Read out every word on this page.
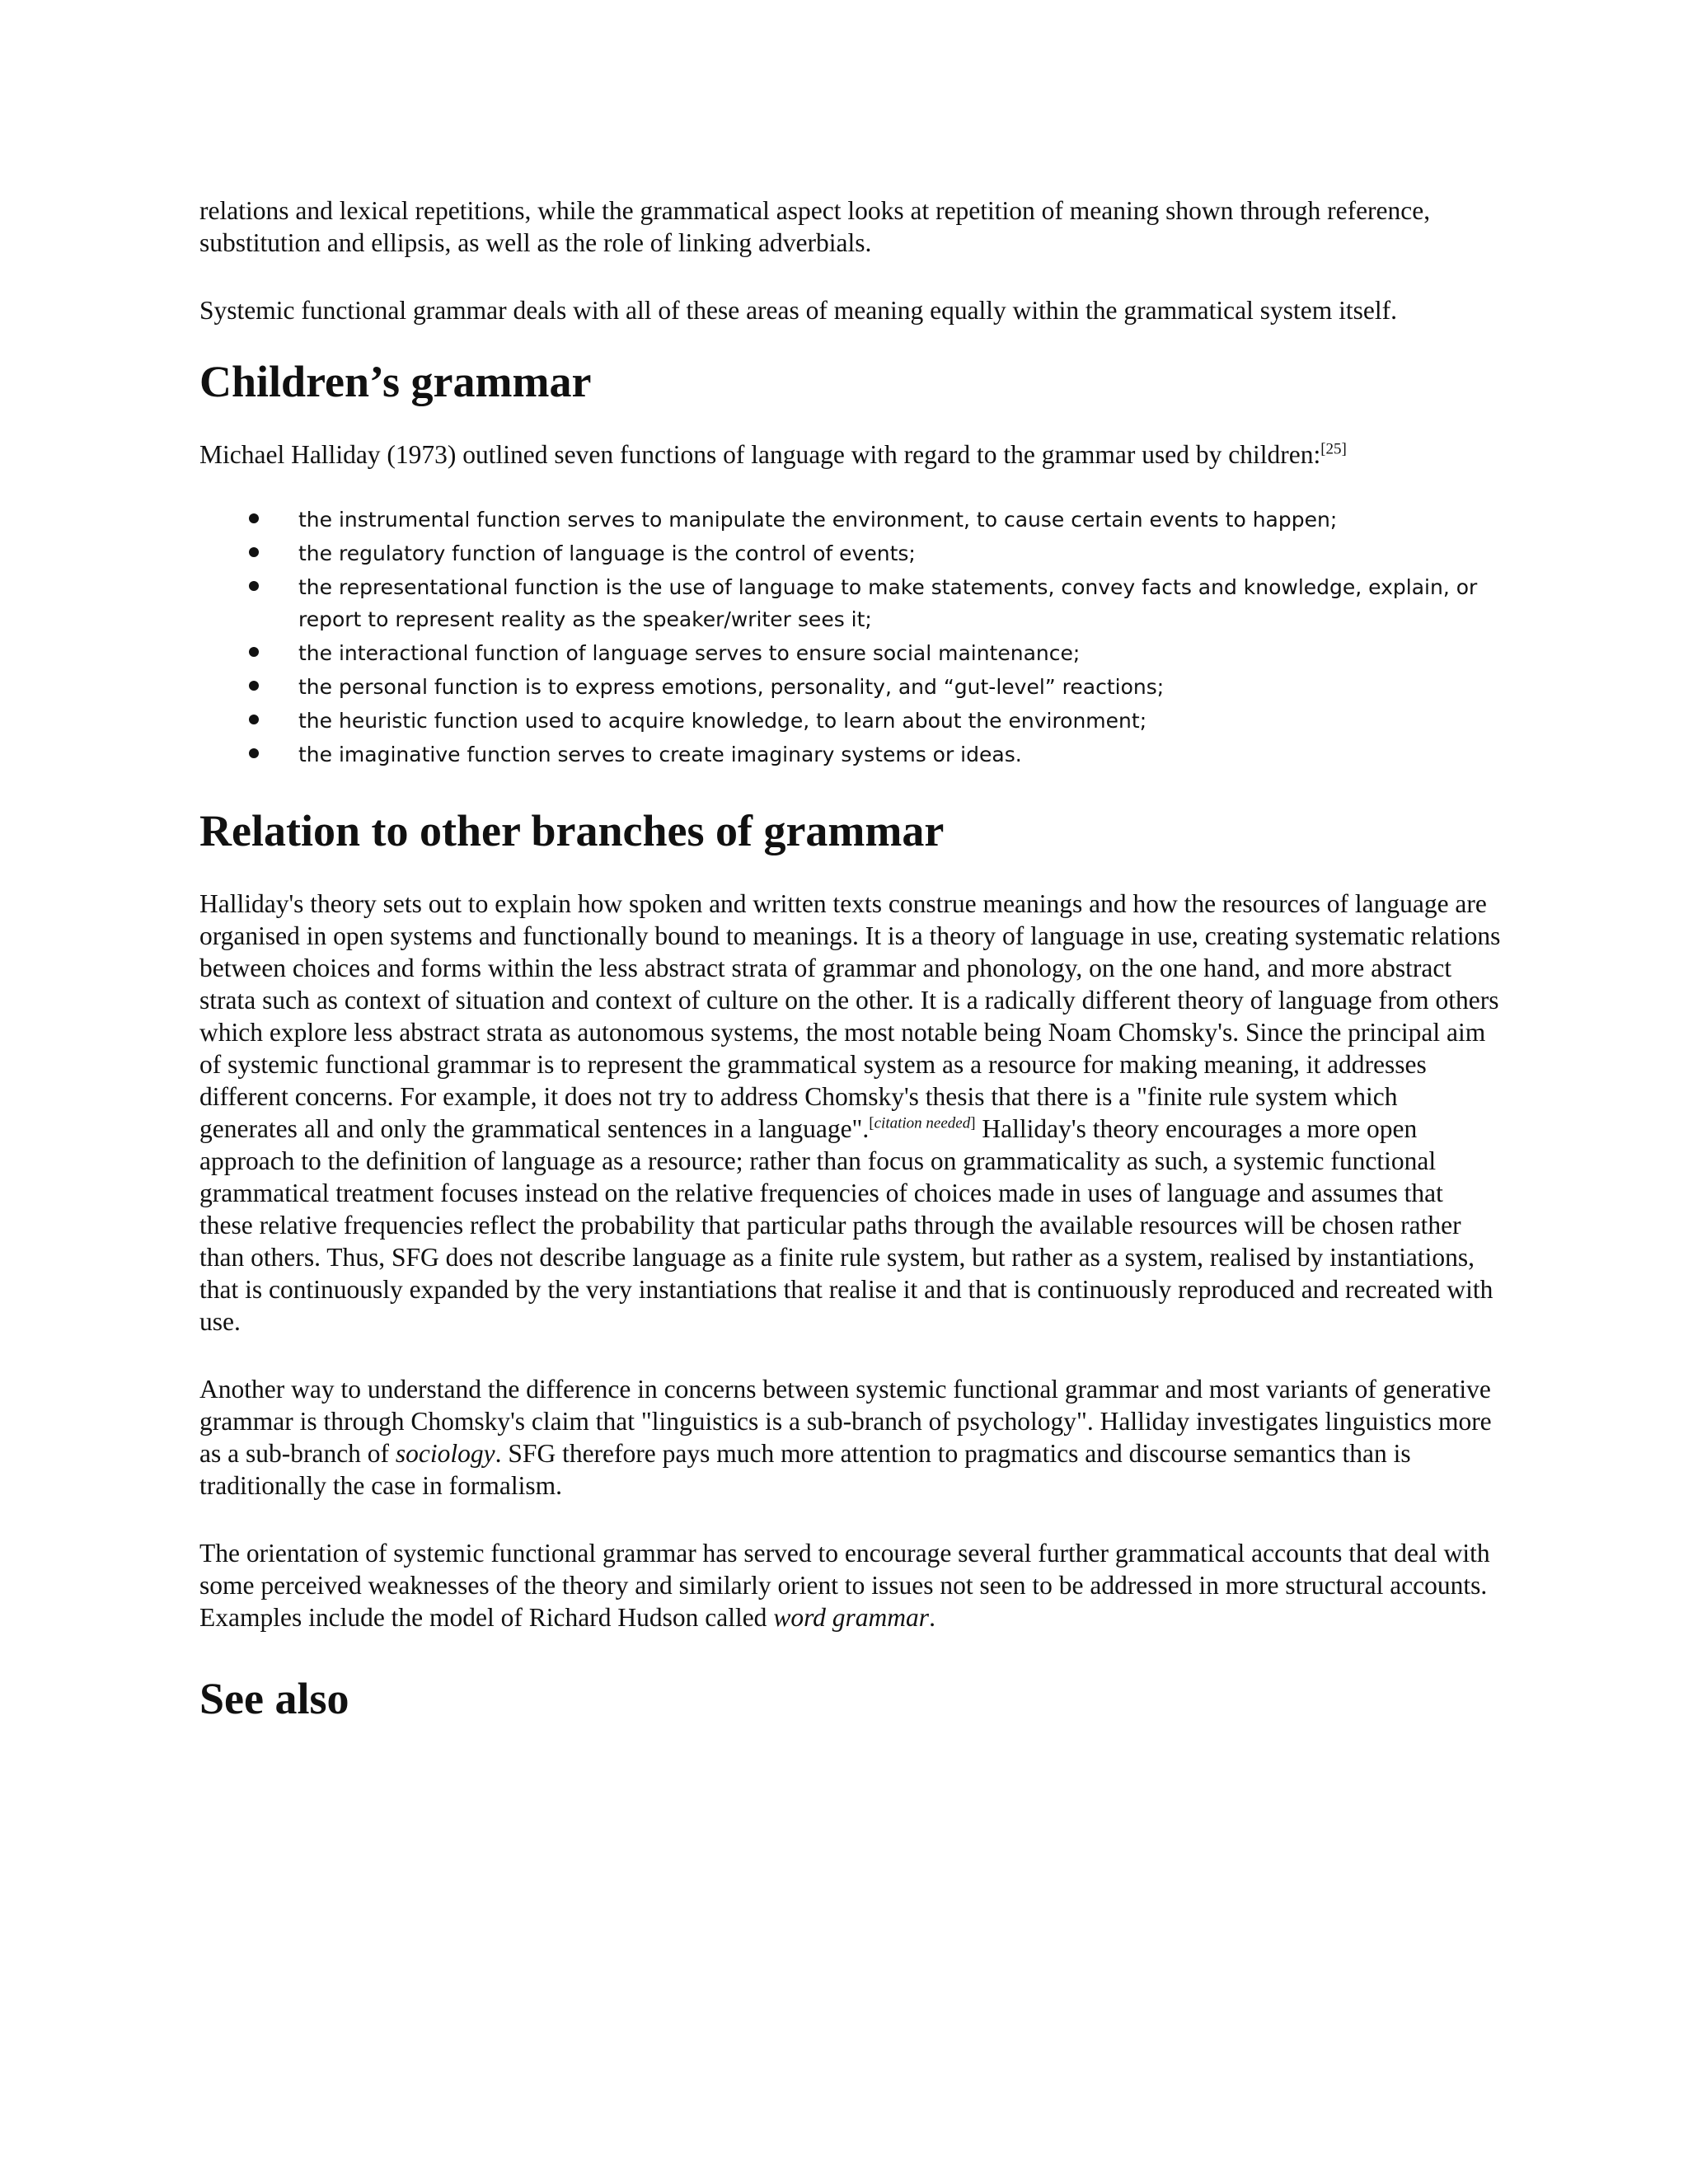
relations and lexical repetitions, while the grammatical aspect looks at repetition of meaning shown through reference, substitution and ellipsis, as well as the role of linking adverbials.

Systemic functional grammar deals with all of these areas of meaning equally within the grammatical system itself.

Children’s grammar

Michael Halliday (1973) outlined seven functions of language with regard to the grammar used by children:[25]

the instrumental function serves to manipulate the environment, to cause certain events to happen;
the regulatory function of language is the control of events;
the representational function is the use of language to make statements, convey facts and knowledge, explain, or report to represent reality as the speaker/writer sees it;
the interactional function of language serves to ensure social maintenance;
the personal function is to express emotions, personality, and “gut-level” reactions;
the heuristic function used to acquire knowledge, to learn about the environment;
the imaginative function serves to create imaginary systems or ideas.
Relation to other branches of grammar

Halliday's theory sets out to explain how spoken and written texts construe meanings and how the resources of language are organised in open systems and functionally bound to meanings. It is a theory of language in use, creating systematic relations between choices and forms within the less abstract strata of grammar and phonology, on the one hand, and more abstract strata such as context of situation and context of culture on the other. It is a radically different theory of language from others which explore less abstract strata as autonomous systems, the most notable being Noam Chomsky's. Since the principal aim of systemic functional grammar is to represent the grammatical system as a resource for making meaning, it addresses different concerns. For example, it does not try to address Chomsky's thesis that there is a "finite rule system which generates all and only the grammatical sentences in a language".[citation needed] Halliday's theory encourages a more open approach to the definition of language as a resource; rather than focus on grammaticality as such, a systemic functional grammatical treatment focuses instead on the relative frequencies of choices made in uses of language and assumes that these relative frequencies reflect the probability that particular paths through the available resources will be chosen rather than others. Thus, SFG does not describe language as a finite rule system, but rather as a system, realised by instantiations, that is continuously expanded by the very instantiations that realise it and that is continuously reproduced and recreated with use.

Another way to understand the difference in concerns between systemic functional grammar and most variants of generative grammar is through Chomsky's claim that "linguistics is a sub-branch of psychology". Halliday investigates linguistics more as a sub-branch of sociology. SFG therefore pays much more attention to pragmatics and discourse semantics than is traditionally the case in formalism.

The orientation of systemic functional grammar has served to encourage several further grammatical accounts that deal with some perceived weaknesses of the theory and similarly orient to issues not seen to be addressed in more structural accounts. Examples include the model of Richard Hudson called word grammar.

See also
